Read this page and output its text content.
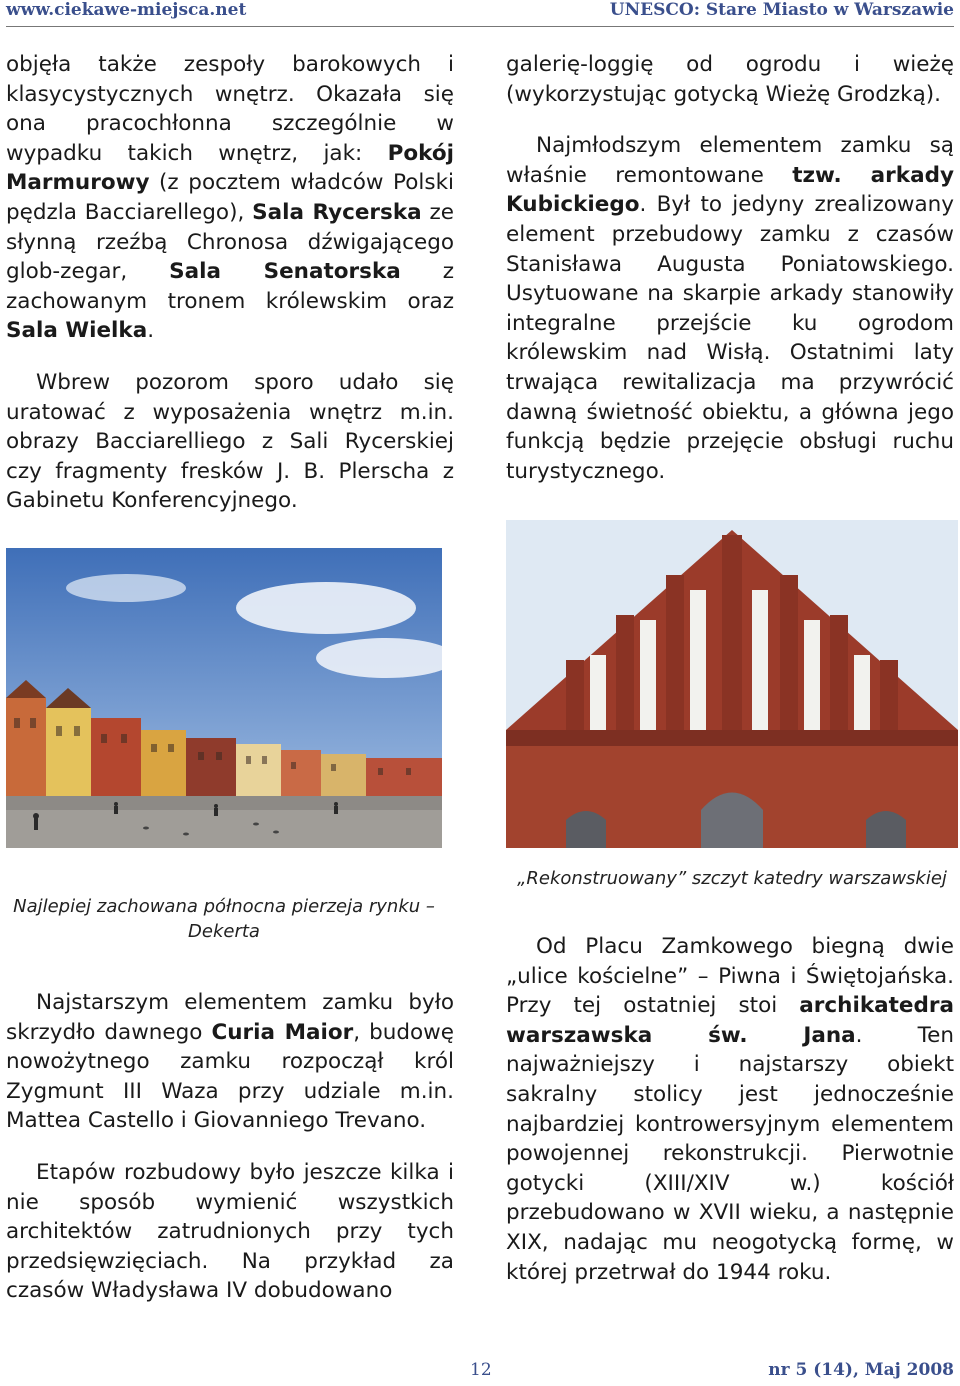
www.ciekawe-miejsca.net	UNESCO: Stare Miasto w Warszawie

objęła także zespoły barokowych i klasycystycznych wnętrz. Okazała się ona pracochłonna szczególnie w wypadku takich wnętrz, jak: Pokój Marmurowy (z pocztem władców Polski pędzla Bacciarellego), Sala Rycerska ze słynną rzeźbą Chronosa dźwigającego glob-zegar, Sala Senatorska z zachowanym tronem królewskim oraz Sala Wielka.

Wbrew pozorom sporo udało się uratować z wyposażenia wnętrz m.in. obrazy Bacciarelliego z Sali Rycerskiej czy fragmenty fresków J. B. Plerscha z Gabinetu Konferencyjnego.

galerię-loggię od ogrodu i wieżę (wykorzystując gotycką Wieżę Grodzką).

Najmłodszym elementem zamku są właśnie remontowane tzw. arkady Kubickiego. Był to jedyny zrealizowany element przebudowy zamku z czasów Stanisława Augusta Poniatowskiego. Usytuowane na skarpie arkady stanowiły integralne przejście ku ogrodom królewskim nad Wisłą. Ostatnimi laty trwająca rewitalizacja ma przywrócić dawną świetność obiektu, a główna jego funkcją będzie przejęcie obsługi ruchu turystycznego.

Najlepiej zachowana północna pierzeja rynku – Dekerta
„Rekonstruowany” szczyt katedry warszawskiej

Najstarszym elementem zamku było skrzydło dawnego Curia Maior, budowę nowożytnego zamku rozpoczął król Zygmunt III Waza przy udziale m.in. Mattea Castello i Giovanniego Trevano.

Etapów rozbudowy było jeszcze kilka i nie sposób wymienić wszystkich architektów zatrudnionych przy tych przedsięwzięciach. Na przykład za czasów Władysława IV dobudowano

Od Placu Zamkowego biegną dwie „ulice kościelne” – Piwna i Świętojańska. Przy tej ostatniej stoi archikatedra warszawska św. Jana. Ten najważniejszy i najstarszy obiekt sakralny stolicy jest jednocześnie najbardziej kontrowersyjnym elementem powojennej rekonstrukcji. Pierwotnie gotycki (XIII/XIV w.) kościół przebudowano w XVII wieku, a następnie XIX, nadając mu neogotycką formę, w której przetrwał do 1944 roku.

12	nr 5 (14), Maj 2008
